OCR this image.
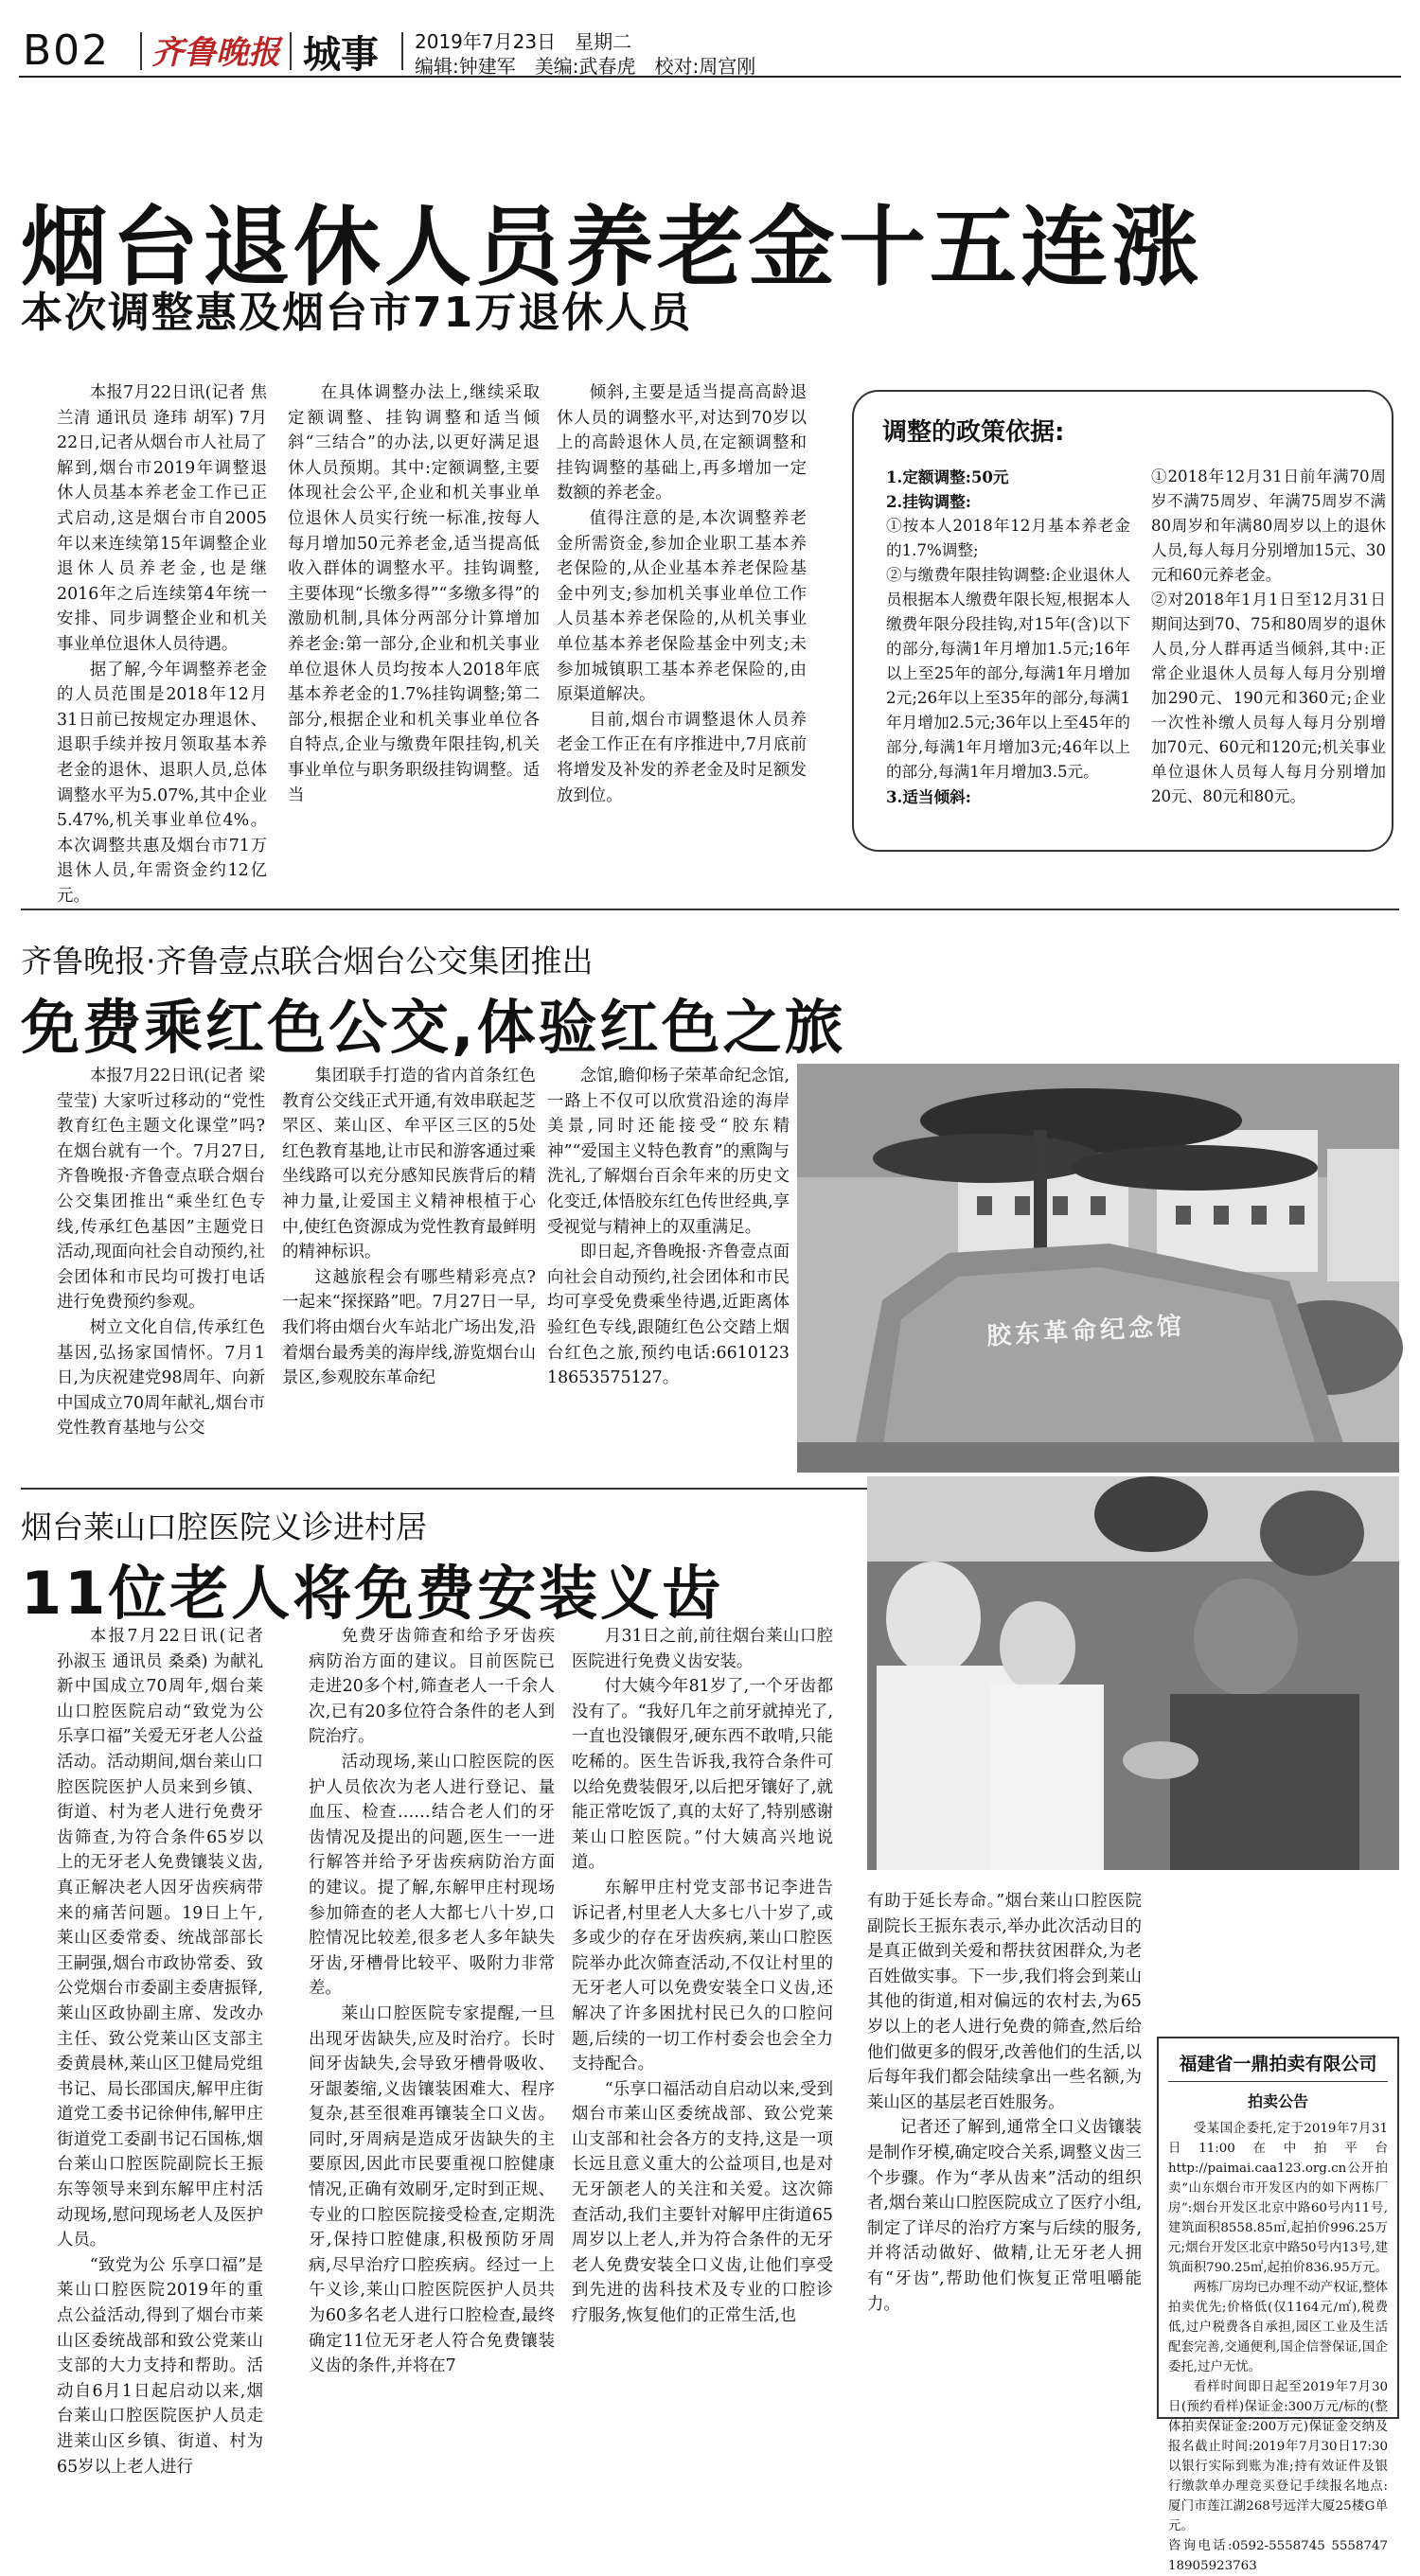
B02 齐鲁晚报 城事 2019年7月23日　星期二
编辑:钟建军　美编:武春虎　校对:周宫刚
烟台退休人员养老金十五连涨
本次调整惠及烟台市71万退休人员

本报7月22日讯(记者 焦兰清 通讯员 逄玮 胡军) 7月22日,记者从烟台市人社局了解到,烟台市2019年调整退休人员基本养老金工作已正式启动,这是烟台市自2005年以来连续第15年调整企业退休人员养老金,也是继2016年之后连续第4年统一安排、同步调整企业和机关事业单位退休人员待遇。

据了解,今年调整养老金的人员范围是2018年12月31日前已按规定办理退休、退职手续并按月领取基本养老金的退休、退职人员,总体调整水平为5.07%,其中企业5.47%,机关事业单位4%。本次调整共惠及烟台市71万退休人员,年需资金约12亿元。

在具体调整办法上,继续采取定额调整、挂钩调整和适当倾斜“三结合”的办法,以更好满足退休人员预期。其中:定额调整,主要体现社会公平,企业和机关事业单位退休人员实行统一标准,按每人每月增加50元养老金,适当提高低收入群体的调整水平。挂钩调整,主要体现“长缴多得”“多缴多得”的激励机制,具体分两部分计算增加养老金:第一部分,企业和机关事业单位退休人员均按本人2018年底基本养老金的1.7%挂钩调整;第二部分,根据企业和机关事业单位各自特点,企业与缴费年限挂钩,机关事业单位与职务职级挂钩调整。适当

倾斜,主要是适当提高高龄退休人员的调整水平,对达到70岁以上的高龄退休人员,在定额调整和挂钩调整的基础上,再多增加一定数额的养老金。

值得注意的是,本次调整养老金所需资金,参加企业职工基本养老保险的,从企业基本养老保险基金中列支;参加机关事业单位工作人员基本养老保险的,从机关事业单位基本养老保险基金中列支;未参加城镇职工基本养老保险的,由原渠道解决。

目前,烟台市调整退休人员养老金工作正在有序推进中,7月底前将增发及补发的养老金及时足额发放到位。

调整的政策依据:

1.定额调整:50元

2.挂钩调整:

①按本人2018年12月基本养老金的1.7%调整;

②与缴费年限挂钩调整:企业退休人员根据本人缴费年限长短,根据本人缴费年限分段挂钩,对15年(含)以下的部分,每满1年月增加1.5元;16年以上至25年的部分,每满1年月增加2元;26年以上至35年的部分,每满1年月增加2.5元;36年以上至45年的部分,每满1年月增加3元;46年以上的部分,每满1年月增加3.5元。

3.适当倾斜:

①2018年12月31日前年满70周岁不满75周岁、年满75周岁不满80周岁和年满80周岁以上的退休人员,每人每月分别增加15元、30元和60元养老金。

②对2018年1月1日至12月31日期间达到70、75和80周岁的退休人员,分人群再适当倾斜,其中:正常企业退休人员每人每月分别增加290元、190元和360元;企业一次性补缴人员每人每月分别增加70元、60元和120元;机关事业单位退休人员每人每月分别增加20元、80元和80元。

齐鲁晚报·齐鲁壹点联合烟台公交集团推出
免费乘红色公交,体验红色之旅

本报7月22日讯(记者 梁莹莹) 大家听过移动的“党性教育红色主题文化课堂”吗?在烟台就有一个。7月27日,齐鲁晚报·齐鲁壹点联合烟台公交集团推出“乘坐红色专线,传承红色基因”主题党日活动,现面向社会自动预约,社会团体和市民均可拨打电话进行免费预约参观。

树立文化自信,传承红色基因,弘扬家国情怀。7月1日,为庆祝建党98周年、向新中国成立70周年献礼,烟台市党性教育基地与公交

集团联手打造的省内首条红色教育公交线正式开通,有效串联起芝罘区、莱山区、牟平区三区的5处红色教育基地,让市民和游客通过乘坐线路可以充分感知民族背后的精神力量,让爱国主义精神根植于心中,使红色资源成为党性教育最鲜明的精神标识。

这越旅程会有哪些精彩亮点?一起来“探探路”吧。7月27日一早,我们将由烟台火车站北广场出发,沿着烟台最秀美的海岸线,游览烟台山景区,参观胶东革命纪

念馆,瞻仰杨子荣革命纪念馆,一路上不仅可以欣赏沿途的海岸美景,同时还能接受“胶东精神”“爱国主义特色教育”的熏陶与洗礼,了解烟台百余年来的历史文化变迁,体悟胶东红色传世经典,享受视觉与精神上的双重满足。

即日起,齐鲁晚报·齐鲁壹点面向社会自动预约,社会团体和市民均可享受免费乘坐待遇,近距离体验红色专线,跟随红色公交踏上烟台红色之旅,预约电话:6610123 18653575127。

胶东革命纪念馆
烟台莱山口腔医院义诊进村居
11位老人将免费安装义齿

本报7月22日讯(记者 孙淑玉 通讯员 桑桑) 为献礼新中国成立70周年,烟台莱山口腔医院启动“致党为公 乐享口福”关爱无牙老人公益活动。活动期间,烟台莱山口腔医院医护人员来到乡镇、街道、村为老人进行免费牙齿筛查,为符合条件65岁以上的无牙老人免费镶装义齿,真正解决老人因牙齿疾病带来的痛苦问题。19日上午,莱山区委常委、统战部部长王嗣强,烟台市政协常委、致公党烟台市委副主委唐振铎,莱山区政协副主席、发改办主任、致公党莱山区支部主委黄晨林,莱山区卫健局党组书记、局长邵国庆,解甲庄街道党工委书记徐伸伟,解甲庄街道党工委副书记石国栋,烟台莱山口腔医院副院长王振东等领导来到东解甲庄村活动现场,慰问现场老人及医护人员。

“致党为公 乐享口福”是莱山口腔医院2019年的重点公益活动,得到了烟台市莱山区委统战部和致公党莱山支部的大力支持和帮助。活动自6月1日起启动以来,烟台莱山口腔医院医护人员走进莱山区乡镇、街道、村为65岁以上老人进行

免费牙齿筛查和给予牙齿疾病防治方面的建议。目前医院已走进20多个村,筛查老人一千余人次,已有20多位符合条件的老人到院治疗。

活动现场,莱山口腔医院的医护人员依次为老人进行登记、量血压、检查……结合老人们的牙齿情况及提出的问题,医生一一进行解答并给予牙齿疾病防治方面的建议。提了解,东解甲庄村现场参加筛查的老人大都七八十岁,口腔情况比较差,很多老人多年缺失牙齿,牙槽骨比较平、吸附力非常差。

莱山口腔医院专家提醒,一旦出现牙齿缺失,应及时治疗。长时间牙齿缺失,会导致牙槽骨吸收、牙龈萎缩,义齿镶装困难大、程序复杂,甚至很难再镶装全口义齿。同时,牙周病是造成牙齿缺失的主要原因,因此市民要重视口腔健康情况,正确有效刷牙,定时到正规、专业的口腔医院接受检查,定期洗牙,保持口腔健康,积极预防牙周病,尽早治疗口腔疾病。经过一上午义诊,莱山口腔医院医护人员共为60多名老人进行口腔检查,最终确定11位无牙老人符合免费镶装义齿的条件,并将在7

月31日之前,前往烟台莱山口腔医院进行免费义齿安装。

付大姨今年81岁了,一个牙齿都没有了。“我好几年之前牙就掉光了,一直也没镶假牙,硬东西不敢啃,只能吃稀的。医生告诉我,我符合条件可以给免费装假牙,以后把牙镶好了,就能正常吃饭了,真的太好了,特别感谢莱山口腔医院。”付大姨高兴地说道。

东解甲庄村党支部书记李进告诉记者,村里老人大多七八十岁了,或多或少的存在牙齿疾病,莱山口腔医院举办此次筛查活动,不仅让村里的无牙老人可以免费安装全口义齿,还解决了许多困扰村民已久的口腔问题,后续的一切工作村委会也会全力支持配合。

“乐享口福活动自启动以来,受到烟台市莱山区委统战部、致公党莱山支部和社会各方的支持,这是一项长远且意义重大的公益项目,也是对无牙颌老人的关注和关爱。这次筛查活动,我们主要针对解甲庄街道65周岁以上老人,并为符合条件的无牙老人免费安装全口义齿,让他们享受到先进的齿科技术及专业的口腔诊疗服务,恢复他们的正常生活,也

有助于延长寿命。”烟台莱山口腔医院副院长王振东表示,举办此次活动目的是真正做到关爱和帮扶贫困群众,为老百姓做实事。下一步,我们将会到莱山其他的街道,相对偏远的农村去,为65岁以上的老人进行免费的筛查,然后给他们做更多的假牙,改善他们的生活,以后每年我们都会陆续拿出一些名额,为莱山区的基层老百姓服务。

记者还了解到,通常全口义齿镶装是制作牙模,确定咬合关系,调整义齿三个步骤。作为“孝从齿来”活动的组织者,烟台莱山口腔医院成立了医疗小组,制定了详尽的治疗方案与后续的服务,并将活动做好、做精,让无牙老人拥有“牙齿”,帮助他们恢复正常咀嚼能力。

福建省一鼎拍卖有限公司
拍卖公告

受某国企委托,定于2019年7月31日11:00在中拍平台http://paimai.caa123.org.cn公开拍卖“山东烟台市开发区内的如下两栋厂房”:烟台开发区北京中路60号内11号,建筑面积8558.85㎡,起拍价996.25万元;烟台开发区北京中路50号内13号,建筑面积790.25㎡,起拍价836.95万元。

两栋厂房均已办理不动产权证,整体拍卖优先;价格低(仅1164元/㎡),税费低,过户税费各自承担,园区工业及生活配套完善,交通便利,国企信誉保证,国企委托,过户无忧。

看样时间即日起至2019年7月30日(预约看样)保证金:300万元/标的(整体拍卖保证金:200万元)保证金交纳及报名截止时间:2019年7月30日17:30以银行实际到账为准;持有效证件及银行缴款单办理竞买登记手续报名地点:厦门市莲江湖268号远洋大厦25楼G单元。

咨询电话:0592-5558745 5558747 18905923763
